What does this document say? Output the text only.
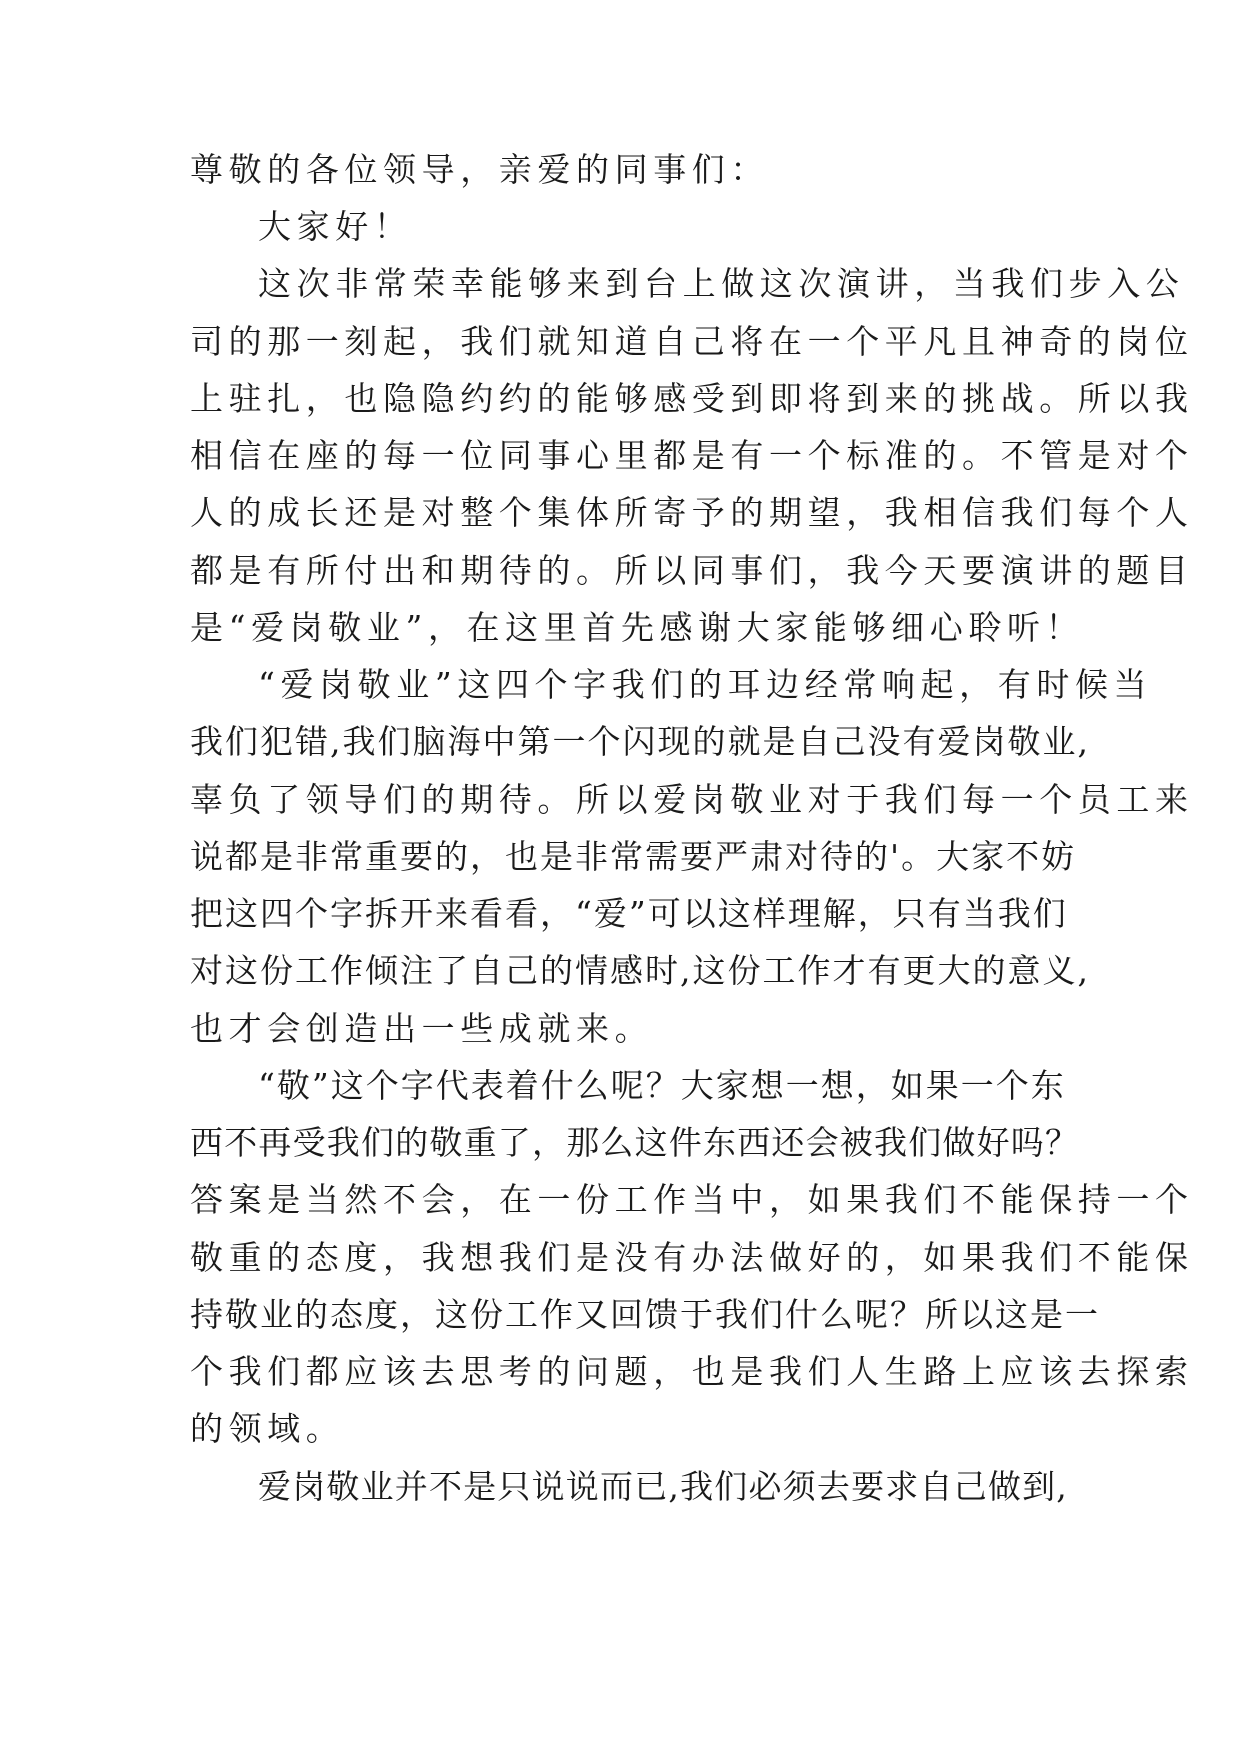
尊敬的各位领导，亲爱的同事们：

大家好！

这次非常荣幸能够来到台上做这次演讲，当我们步入公

司的那一刻起，我们就知道自己将在一个平凡且神奇的岗位

上驻扎，也隐隐约约的能够感受到即将到来的挑战。所以我

相信在座的每一位同事心里都是有一个标准的。不管是对个

人的成长还是对整个集体所寄予的期望，我相信我们每个人

都是有所付出和期待的。所以同事们，我今天要演讲的题目

是“爱岗敬业”，在这里首先感谢大家能够细心聆听！

“爱岗敬业”这四个字我们的耳边经常响起，有时候当

我们犯错,我们脑海中第一个闪现的就是自己没有爱岗敬业,

辜负了领导们的期待。所以爱岗敬业对于我们每一个员工来

说都是非常重要的，也是非常需要严肃对待的'。大家不妨

把这四个字拆开来看看，“爱”可以这样理解，只有当我们

对这份工作倾注了自己的情感时,这份工作才有更大的意义,

也才会创造出一些成就来。

“敬”这个字代表着什么呢？大家想一想，如果一个东

西不再受我们的敬重了，那么这件东西还会被我们做好吗？

答案是当然不会，在一份工作当中，如果我们不能保持一个

敬重的态度，我想我们是没有办法做好的，如果我们不能保

持敬业的态度，这份工作又回馈于我们什么呢？所以这是一

个我们都应该去思考的问题，也是我们人生路上应该去探索

的领域。

爱岗敬业并不是只说说而已,我们必须去要求自己做到,
